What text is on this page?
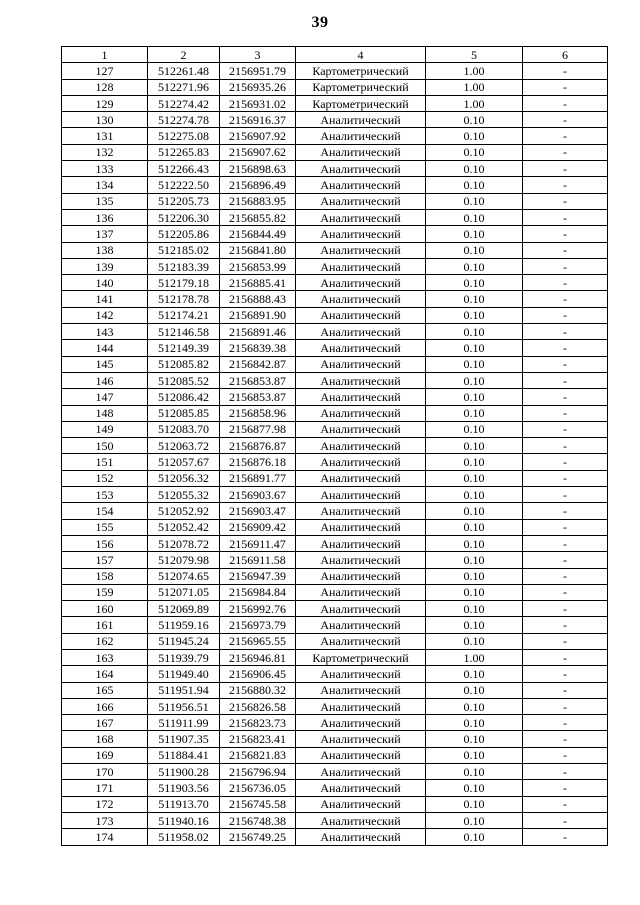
39
1	2	3	4	5	6
127	512261.48	2156951.79	Картометрический	1.00	-
128	512271.96	2156935.26	Картометрический	1.00	-
129	512274.42	2156931.02	Картометрический	1.00	-
130	512274.78	2156916.37	Аналитический	0.10	-
131	512275.08	2156907.92	Аналитический	0.10	-
132	512265.83	2156907.62	Аналитический	0.10	-
133	512266.43	2156898.63	Аналитический	0.10	-
134	512222.50	2156896.49	Аналитический	0.10	-
135	512205.73	2156883.95	Аналитический	0.10	-
136	512206.30	2156855.82	Аналитический	0.10	-
137	512205.86	2156844.49	Аналитический	0.10	-
138	512185.02	2156841.80	Аналитический	0.10	-
139	512183.39	2156853.99	Аналитический	0.10	-
140	512179.18	2156885.41	Аналитический	0.10	-
141	512178.78	2156888.43	Аналитический	0.10	-
142	512174.21	2156891.90	Аналитический	0.10	-
143	512146.58	2156891.46	Аналитический	0.10	-
144	512149.39	2156839.38	Аналитический	0.10	-
145	512085.82	2156842.87	Аналитический	0.10	-
146	512085.52	2156853.87	Аналитический	0.10	-
147	512086.42	2156853.87	Аналитический	0.10	-
148	512085.85	2156858.96	Аналитический	0.10	-
149	512083.70	2156877.98	Аналитический	0.10	-
150	512063.72	2156876.87	Аналитический	0.10	-
151	512057.67	2156876.18	Аналитический	0.10	-
152	512056.32	2156891.77	Аналитический	0.10	-
153	512055.32	2156903.67	Аналитический	0.10	-
154	512052.92	2156903.47	Аналитический	0.10	-
155	512052.42	2156909.42	Аналитический	0.10	-
156	512078.72	2156911.47	Аналитический	0.10	-
157	512079.98	2156911.58	Аналитический	0.10	-
158	512074.65	2156947.39	Аналитический	0.10	-
159	512071.05	2156984.84	Аналитический	0.10	-
160	512069.89	2156992.76	Аналитический	0.10	-
161	511959.16	2156973.79	Аналитический	0.10	-
162	511945.24	2156965.55	Аналитический	0.10	-
163	511939.79	2156946.81	Картометрический	1.00	-
164	511949.40	2156906.45	Аналитический	0.10	-
165	511951.94	2156880.32	Аналитический	0.10	-
166	511956.51	2156826.58	Аналитический	0.10	-
167	511911.99	2156823.73	Аналитический	0.10	-
168	511907.35	2156823.41	Аналитический	0.10	-
169	511884.41	2156821.83	Аналитический	0.10	-
170	511900.28	2156796.94	Аналитический	0.10	-
171	511903.56	2156736.05	Аналитический	0.10	-
172	511913.70	2156745.58	Аналитический	0.10	-
173	511940.16	2156748.38	Аналитический	0.10	-
174	511958.02	2156749.25	Аналитический	0.10	-
